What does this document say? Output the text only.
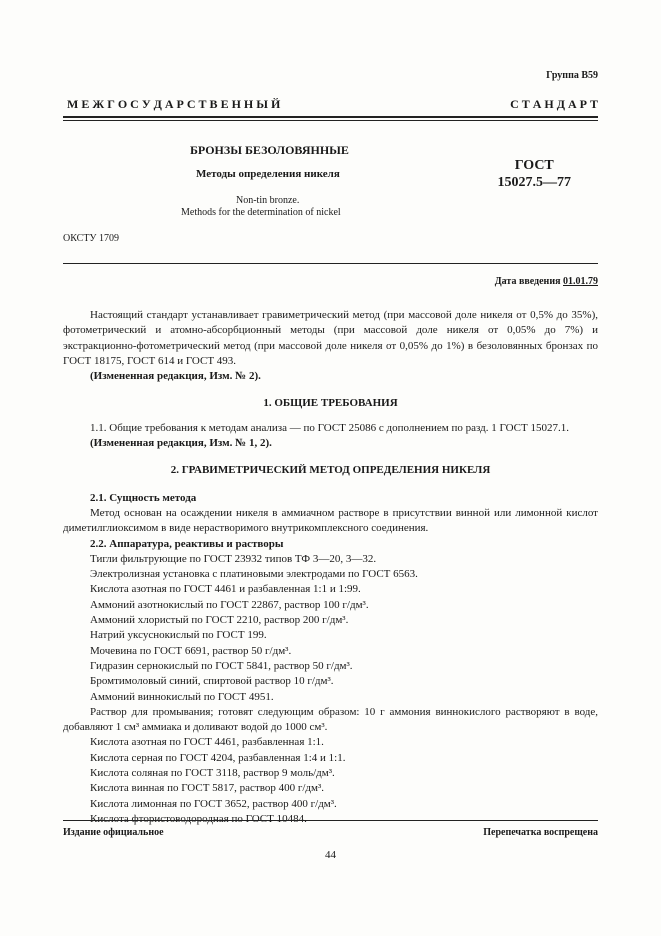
Группа В59
М Е Ж Г О С У Д А Р С Т В Е Н Н Ы Й	С Т А Н Д А Р Т
БРОНЗЫ БЕЗОЛОВЯННЫЕ
Методы определения никеля
ГОСТ
15027.5—77
Non-tin bronze.
Methods for the determination of nickel
ОКСТУ 1709
Дата введения 01.01.79

Настоящий стандарт устанавливает гравиметрический метод (при массовой доле никеля от 0,5% до 35%), фотометрический и атомно-абсорбционный методы (при массовой доле никеля от 0,05% до 7%) и экстракционно-фотометрический метод (при массовой доле никеля от 0,05% до 1%) в безоловянных бронзах по ГОСТ 18175, ГОСТ 614 и ГОСТ 493.

(Измененная редакция, Изм. № 2).

1. ОБЩИЕ ТРЕБОВАНИЯ

1.1. Общие требования к методам анализа — по ГОСТ 25086 с дополнением по разд. 1 ГОСТ 15027.1.

(Измененная редакция, Изм. № 1, 2).

2. ГРАВИМЕТРИЧЕСКИЙ МЕТОД ОПРЕДЕЛЕНИЯ НИКЕЛЯ

2.1. Сущность метода

Метод основан на осаждении никеля в аммиачном растворе в присутствии винной или лимонной кислот диметилглиоксимом в виде нерастворимого внутрикомплексного соединения.

2.2. Аппаратура, реактивы и растворы

Тигли фильтрующие по ГОСТ 23932 типов ТФ 3—20, 3—32.

Электролизная установка с платиновыми электродами по ГОСТ 6563.

Кислота азотная по ГОСТ 4461 и разбавленная 1:1 и 1:99.

Аммоний азотнокислый по ГОСТ 22867, раствор 100 г/дм³.

Аммоний хлористый по ГОСТ 2210, раствор 200 г/дм³.

Натрий уксуснокислый по ГОСТ 199.

Мочевина по ГОСТ 6691, раствор 50 г/дм³.

Гидразин сернокислый по ГОСТ 5841, раствор 50 г/дм³.

Бромтимоловый синий, спиртовой раствор 10 г/дм³.

Аммоний виннокислый по ГОСТ 4951.

Раствор для промывания; готовят следующим образом: 10 г аммония виннокислого растворяют в воде, добавляют 1 см³ аммиака и доливают водой до 1000 см³.

Кислота азотная по ГОСТ 4461, разбавленная 1:1.

Кислота серная по ГОСТ 4204, разбавленная 1:4 и 1:1.

Кислота соляная по ГОСТ 3118, раствор 9 моль/дм³.

Кислота винная по ГОСТ 5817, раствор 400 г/дм³.

Кислота лимонная по ГОСТ 3652, раствор 400 г/дм³.

Кислота фтористоводородная по ГОСТ 10484.

Издание официальное	Перепечатка воспрещена
44
